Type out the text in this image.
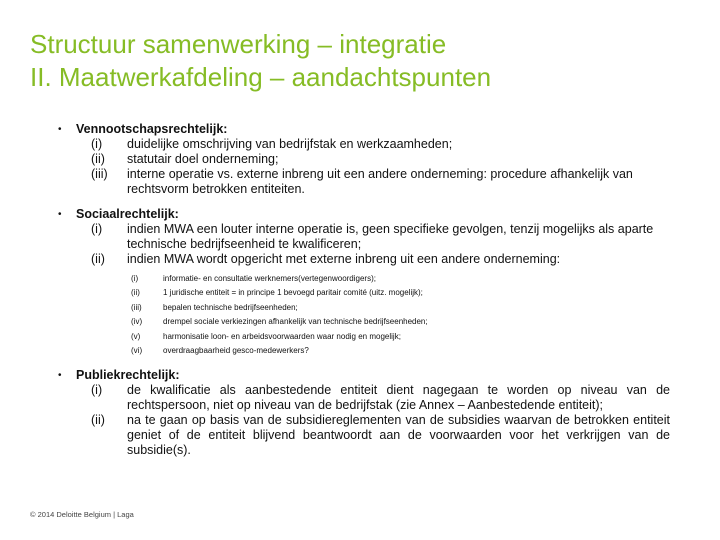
Structuur samenwerking – integratie
II. Maatwerkafdeling – aandachtspunten
• Vennootschapsrechtelijk:
(i) duidelijke omschrijving van bedrijfstak en werkzaamheden;
(ii) statutair doel onderneming;
(iii) interne operatie vs. externe inbreng uit een andere onderneming: procedure afhankelijk van rechtsvorm betrokken entiteiten.
• Sociaalrechtelijk:
(i) indien MWA een louter interne operatie is, geen specifieke gevolgen, tenzij mogelijks als aparte technische bedrijfseenheid te kwalificeren;
(ii) indien MWA wordt opgericht met externe inbreng uit een andere onderneming:
(i)	informatie- en consultatie werknemers(vertegenwoordigers);
(ii)	1 juridische entiteit = in principe 1 bevoegd paritair comité (uitz. mogelijk);
(iii)	bepalen technische bedrijfseenheden;
(iv)	drempel sociale verkiezingen afhankelijk van technische bedrijfseenheden;
(v)	harmonisatie loon- en arbeidsvoorwaarden waar nodig en mogelijk;
(vi)	overdraagbaarheid gesco-medewerkers?
• Publiekrechtelijk:
(i) de kwalificatie als aanbestedende entiteit dient nagegaan te worden op niveau van de rechtspersoon, niet op niveau van de bedrijfstak (zie Annex – Aanbestedende entiteit);
(ii) na te gaan op basis van de subsidiereglementen van de subsidies waarvan de betrokken entiteit geniet of de entiteit blijvend beantwoordt aan de voorwaarden voor het verkrijgen van de subsidie(s).
© 2014 Deloitte Belgium | Laga
